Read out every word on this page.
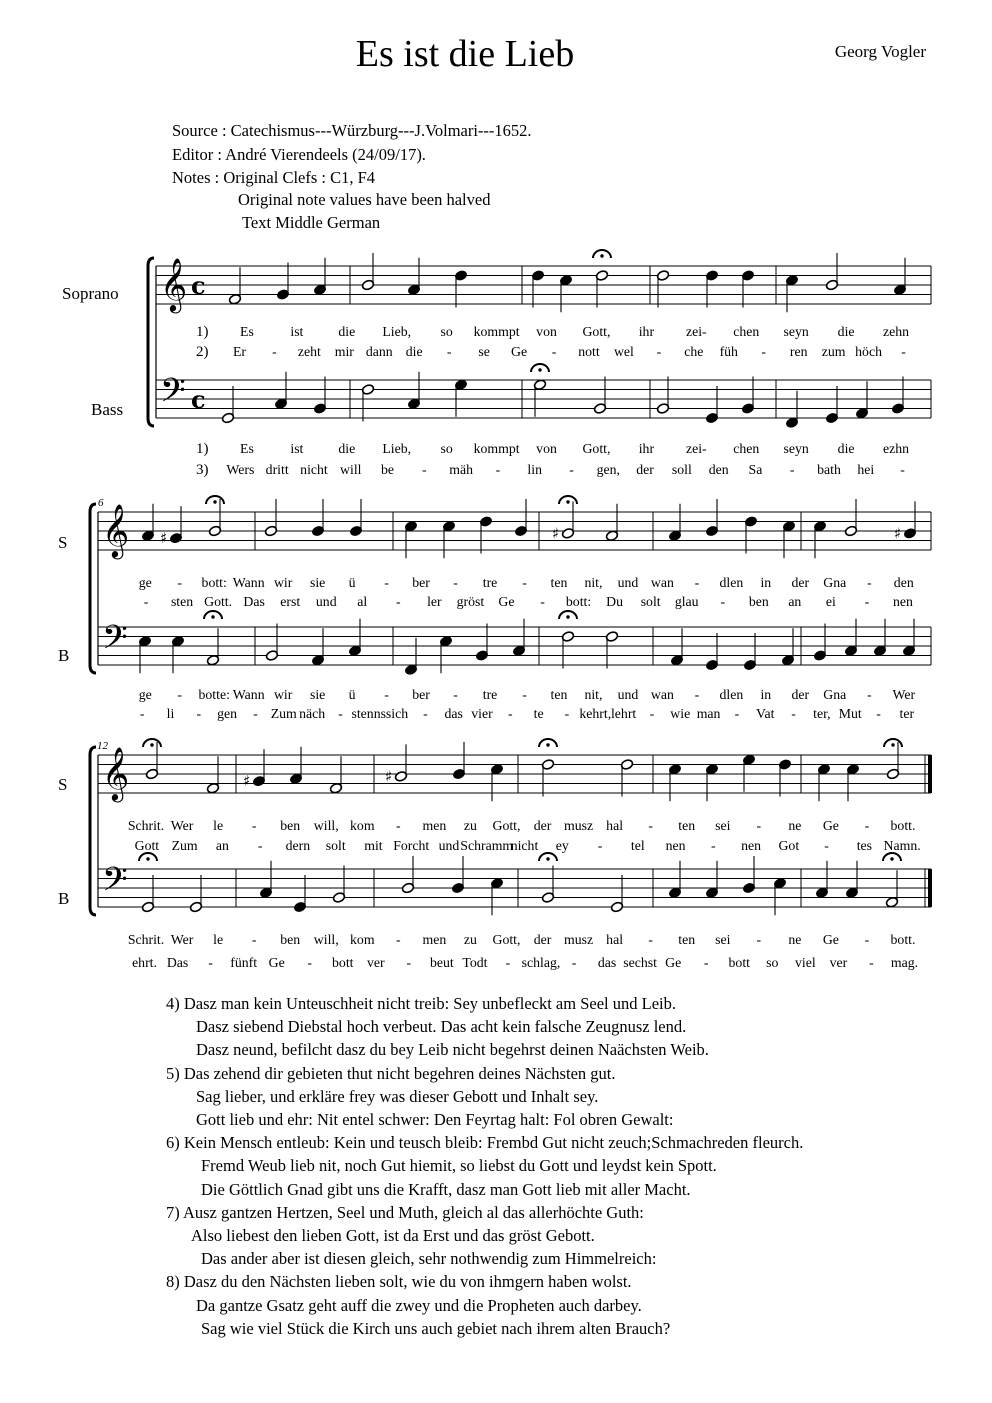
Es ist die Lieb	Georg Vogler
Source : Catechismus---Würzburg---J.Volmari---1652.
Editor : André Vierendeels (24/09/17).
Notes : Original Clefs : C1, F4
Original note values have been halved
Text Middle German
Soprano
Bass
S
B
S
B
6
12
𝄞
𝄢
c
c
1) Es	ist	die Lieb, so kommpt von Gott, ihr zei- chen seyn die zehn
2) Er - zeht mir dann die - se Ge - nott wel - che füh - ren zum höch -
1) Es	ist	die Lieb, so kommpt von Gott, ihr zei- chen seyn die ezhn
3) Wers dritt nicht will be - mäh - lin - gen, der soll den Sa - bath hei -
𝄞
𝄢
♯	♯	♯
ge - bott: Wann wir sie ü - ber - tre - ten nit, und wan - dlen in der Gna - den
- sten Gott. Das erst und al - ler gröst Ge - bott: Du solt glau - ben an ei - nen
ge - botte: Wann wir sie ü - ber - tre - ten nit, und wan - dlen in der Gna - Wer
- li - gen - Zum näch - stenns sich - das vier - te - kehrt, lehrt - wie man - Vat - ter, Mut - ter
𝄞
𝄢
♯	♯
Schrit. Wer le - ben will, kom - men zu Gott, der musz hal - ten sei - ne Ge - bott.
Gott Zum an - dern solt mit Forcht und Schramm
nicht ey - tel nen - nen Got - tes Namn.
Schrit. Wer le - ben will, kom - men zu Gott, der musz hal - ten sei - ne Ge - bott.
ehrt. Das - fünft Ge - bott ver - beut Todt - schlag, - das sechst Ge - bott so viel ver - mag.
4) Dasz man kein Unteuschheit nicht treib: Sey unbefleckt am Seel und Leib.
Dasz siebend Diebstal hoch verbeut. Das acht kein falsche Zeugnusz lend.
Dasz neund, befilcht dasz du bey Leib nicht begehrst deinen Naächsten Weib.
5) Das zehend dir gebieten thut nicht begehren deines Nächsten gut.
Sag lieber, und erkläre frey was dieser Gebott und Inhalt sey.
Gott lieb und ehr: Nit entel schwer: Den Feyrtag halt: Fol obren Gewalt:
6) Kein Mensch entleub: Kein und teusch bleib: Frembd Gut nicht zeuch;Schmachreden fleurch.
Fremd Weub lieb nit, noch Gut hiemit, so liebst du Gott und leydst kein Spott.
Die Göttlich Gnad gibt uns die Krafft, dasz man Gott lieb mit aller Macht.
7) Ausz gantzen Hertzen, Seel und Muth, gleich al das allerhöchte Guth:
Also liebest den lieben Gott, ist da Erst und das gröst Gebott.
Das ander aber ist diesen gleich, sehr nothwendig zum Himmelreich:
8) Dasz du den Nächsten lieben solt, wie du von ihmgern haben wolst.
Da gantze Gsatz geht auff die zwey und die Propheten auch darbey.
Sag wie viel Stück die Kirch uns auch gebiet nach ihrem alten Brauch?
